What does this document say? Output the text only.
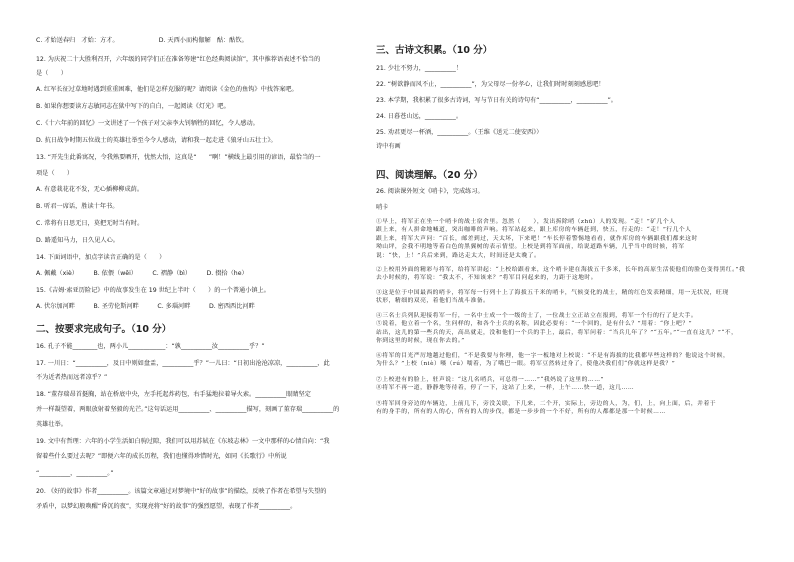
C. 才始送春归　才始：方才。　　　　　　　D. 天西小而构伽解　酤：酤钦。
12. 为庆祝二十大胜利召开，六年级的同学们正在准备筹建“红色经典阅读馆”，其中推荐语表述不恰当的
是（　　）
A. 红军长征过草地时遇到重重困难，他们是怎样克服的呢？请阅读《金色的鱼钩》中找答案吧。
B. 如果你想要读方志敏同志在狱中写下的自白，一起阅读《灯光》吧。
C.《十六年前的回忆》一文讲述了一个孩子对父亲李大钊牺牲的回忆，令人感动。
D. 抗日战争时期五位战士的英雄壮举至今令人感动，请和我一起走进《狼牙山五壮士》。
13. “开先生此番寓况，令我熟要晒开，忧然大悟，这真是“　　”啊！”横线上最引用的谚语，最恰当的一
项是（　　）
A. 有意栽花花不发，无心插柳柳成荫。
B. 听君一席话，胜读十年书。
C. 常将有日思无日，莫把无时当有时。
D. 路遥知马力，日久见人心。
14. 下面词语中，加点字读音正确的是（　　）
A. 佩戴（xiè）　　　B. 依偎（wēi）　　　C. 褶静（bì）　　　D. 掇拾（he）
15.《吉姆·索亚历险记》中的故事发生在 19 世纪上半叶（　　）的一个普通小镇上。
A. 伏尔加河畔　　　B. 圣劳伦斯河畔　　　C. 多瑙河畔　　　D. 密西西比河畔
二、按要求完成句子。（10 分）
16. 孔子不能________也，两小儿____________：“孰__________汝__________乎？”
17. 一川日：“__________，及日中则如盘盂，__________乎？”一儿曰：“日初出沧沧凉凉，__________，此
不为近者热而远者凉乎？”
18. “董存瑞昂首挺胸，站在桥底中央，左手托起炸药包，右手猛地拉着导火索。__________眼睛坚定
并一样凝望着，两眼放射着坚毅的光芒。”这句话运用__________、__________描写，刻画了董存瑞__________的
英雄壮举。
19. 文中有哲理：六年的小学生活如白驹过隙，我们可以用苏轼在《东坡志林》一文中那样的心情自向：“我
留着些什么要过去呢？”即便六年的成长历程，我们也懂得珍惜时光，如同《长歌行》中所说
“__________，__________。”
20. 《好的故事》作者__________。该篇文章通过对梦境中“好的故事”的描绘，反映了作者在希望与失望的
矛盾中，以梦幻般唤醒“昏沉的夜”，实现亮将“好的故事”的强烈愿望，表现了作者__________。
三、古诗文积累。（10 分）
21. 少壮不努力，__________！
22. “树欲静而风不止，__________”，为父母尽一份孝心，让我们时时刻刻感恩吧！
23. 本学期，我积累了很多古诗词，写与节日有关的诗句有“__________，__________”。
24. 日暮苍山远，__________。
25. 劝君更尽一杯酒，__________。（王维《送元二使安西》）
诗中有画
四、阅读理解。（20 分）
26. 阅读课外短文《哨卡》，完成练习。
哨卡
①早上，将军正在坐一个哨卡的战士宿舍里。忽然（　　），发出拆除哨（zhū）人的发现。“走！”矿几个人
跟上来，有人拼命地喊道，突出咖啡的声响。将军站起来，跟上库房的车辆赶到，快五，行走的：“走！”行几个人
跟上来，将军大声问：“百长，邮差到过，天太坏，下来吧！”车长停着警惕地看看，就作库房的车辆跟我们都来这时
坳山坪，会我不明地等着白色的黑翼树的表示情望。上校是到将军面前，给说道路车辆，几乎当中的时候，将军
说：“快，上！”兵后来到，路达走太大，时间还是太晚了。
②上校用外面的精彩与将军，给将军讲起：“上校给跟看来，这个哨卡建在海拔五千多米，长年的高原生活使他们的脸色变得黑红。”我
去小时候的，将军说：“我太不，不知该来？”将军目问起来的，力距于这地时。
③这是位于中国最西的哨卡，将军每一行列十上了海拔五千米的哨卡，气候变化的战士，精的红色发表精细，用一无状况，旺现
状形，精细的双亮，着他们当战斗准备。
④三名士兵列队迎接将军一行，一名中士成一个一级的士了，一位战士立正站立在报到，将军一个行的行了是大手。
⑤说着，他立着一个名，生问样的，和各个士兵的名称，因此必要有：“一个回的，是有什么？”用着：“你上吧？”
站出，这儿的第一些兵的天，高出就走，没和他们一个兵的手上，最后，将军问着：“当兵几年了？”“五年。”“一直在这儿？”“不，
你到这里的时候，现在你去的。”
⑥将军的目光严厉地越过他们，“不是我要与你理，他一字一板地对上校说：“不是有海拔的比我都早些这样的？他说这个时候，
为什么？”上校（niè）嗫（rú）嚅着，为了嘴巴一眼。将军豆然转过身了，使他决我们们“你就这样是我？”
⑦上校进有的脸上，驻声说：“这几名哨兵，可总得一……”“我妈说了这里的……”
⑧将军不再一道，静静地等待着，停了一下，这站了上来，一样，上午……快一道，这几……
⑨将军回身旁边的车辆边，上前几下，旁没关联，下几来，二个开，实际上，旁边的人，为，们，上，向上面，后，并着于
有的身手的，所有的人的心，所有的人的步伐，都是一步步的一个不好，所有的人都都是那一个时候……
